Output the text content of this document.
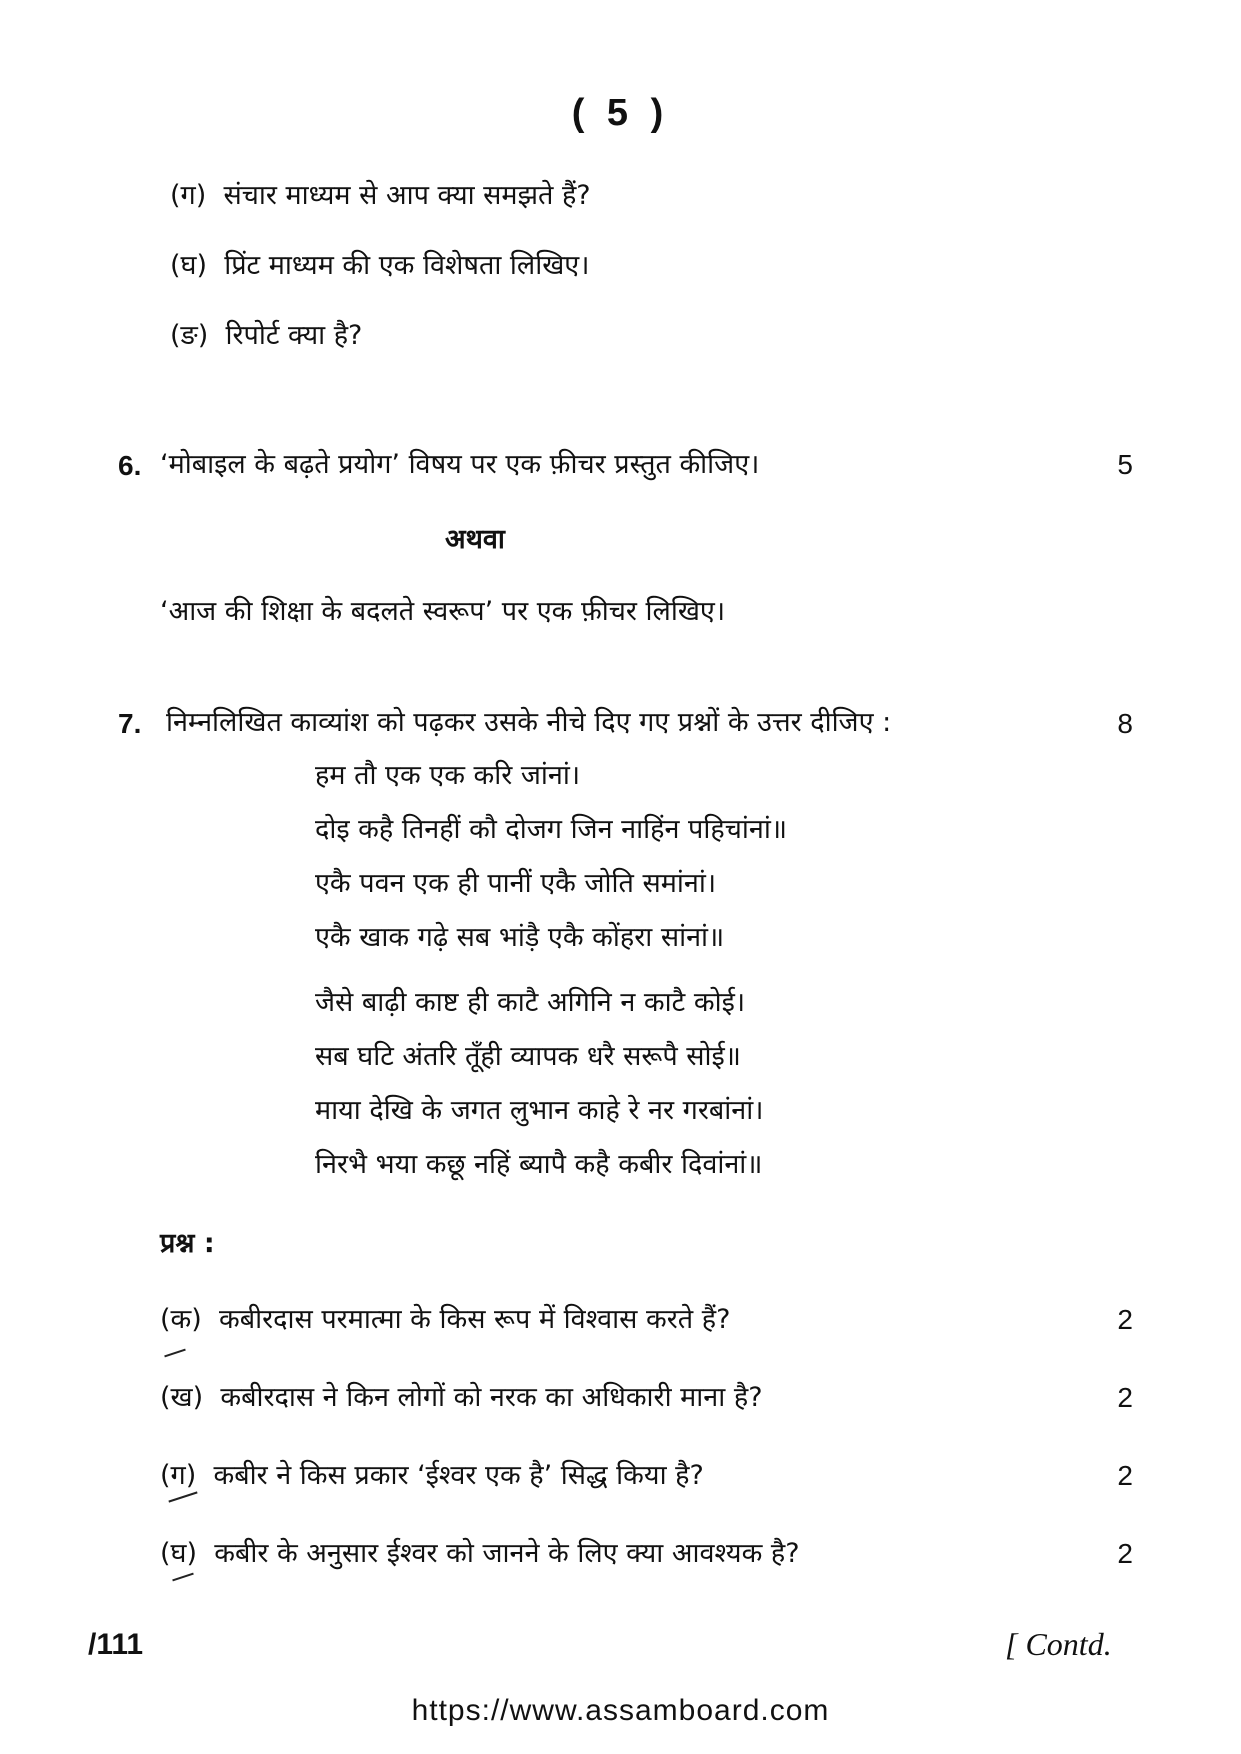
( 5 )
(ग) संचार माध्यम से आप क्या समझते हैं?
(घ) प्रिंट माध्यम की एक विशेषता लिखिए।
(ङ) रिपोर्ट क्या है?
6. ‘मोबाइल के बढ़ते प्रयोग’ विषय पर एक फ़ीचर प्रस्तुत कीजिए।	5
अथवा
‘आज की शिक्षा के बदलते स्वरूप’ पर एक फ़ीचर लिखिए।
7. निम्नलिखित काव्यांश को पढ़कर उसके नीचे दिए गए प्रश्नों के उत्तर दीजिए :	8
हम तौ एक एक करि जांनां।
दोइ कहै तिनहीं कौ दोजग जिन नाहिंन पहिचांनां॥
एकै पवन एक ही पानीं एकै जोति समांनां।
एकै खाक गढ़े सब भांड़ै एकै कोंहरा सांनां॥
जैसे बाढ़ी काष्ट ही काटै अगिनि न काटै कोई।
सब घटि अंतरि तूँही व्यापक धरै सरूपै सोई॥
माया देखि के जगत लुभान काहे रे नर गरबांनां।
निरभै भया कछू नहिं ब्यापै कहै कबीर दिवांनां॥
प्रश्न :
(क) कबीरदास परमात्मा के किस रूप में विश्वास करते हैं?	2
(ख) कबीरदास ने किन लोगों को नरक का अधिकारी माना है?	2
(ग) कबीर ने किस प्रकार ‘ईश्वर एक है’ सिद्ध किया है?	2
(घ) कबीर के अनुसार ईश्वर को जानने के लिए क्या आवश्यक है?	2
/111	[ Contd.
https://www.assamboard.com
